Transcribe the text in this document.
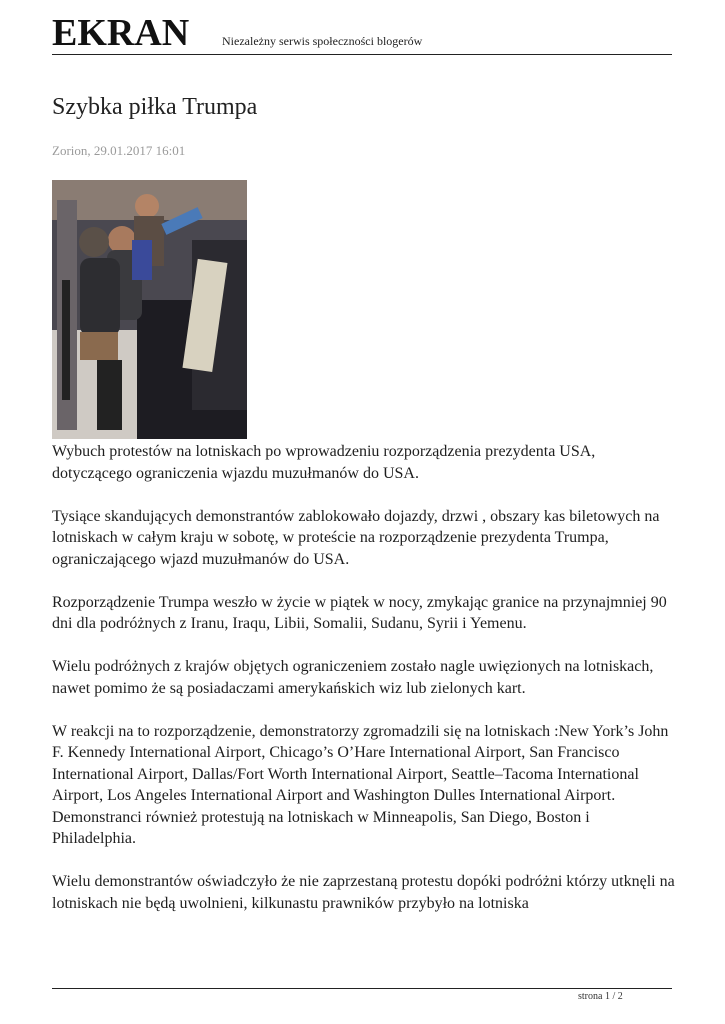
EKRAN	Niezależny serwis społeczności blogerów
Szybka piłka Trumpa
Zorion, 29.01.2017 16:01

Wybuch protestów na lotniskach po wprowadzeniu rozporządzenia prezydenta USA, dotyczącego ograniczenia wjazdu muzułmanów do USA.

Tysiące skandujących demonstrantów zablokowało dojazdy, drzwi , obszary kas biletowych na lotniskach w całym kraju w sobotę, w proteście na rozporządzenie prezydenta Trumpa, ograniczającego wjazd muzułmanów do USA.

Rozporządzenie Trumpa weszło w życie w piątek w nocy, zmykając granice na przynajmniej 90 dni dla podróżnych z Iranu, Iraqu, Libii, Somalii, Sudanu, Syrii i Yemenu.

Wielu podróżnych z krajów objętych ograniczeniem zostało nagle uwięzionych na lotniskach, nawet pomimo że są posiadaczami amerykańskich wiz lub zielonych kart.

W reakcji na to rozporządzenie, demonstratorzy zgromadzili się na lotniskach :New York’s John F. Kennedy International Airport, Chicago’s O’Hare International Airport, San Francisco International Airport, Dallas/Fort Worth International Airport, Seattle–Tacoma International Airport, Los Angeles International Airport and Washington Dulles International Airport. Demonstranci również protestują na lotniskach w Minneapolis, San Diego, Boston i Philadelphia.

Wielu demonstrantów oświadczyło że nie zaprzestaną protestu dopóki podróżni którzy utknęli na lotniskach nie będą uwolnieni, kilkunastu prawników przybyło na lotniska

strona 1 / 2
